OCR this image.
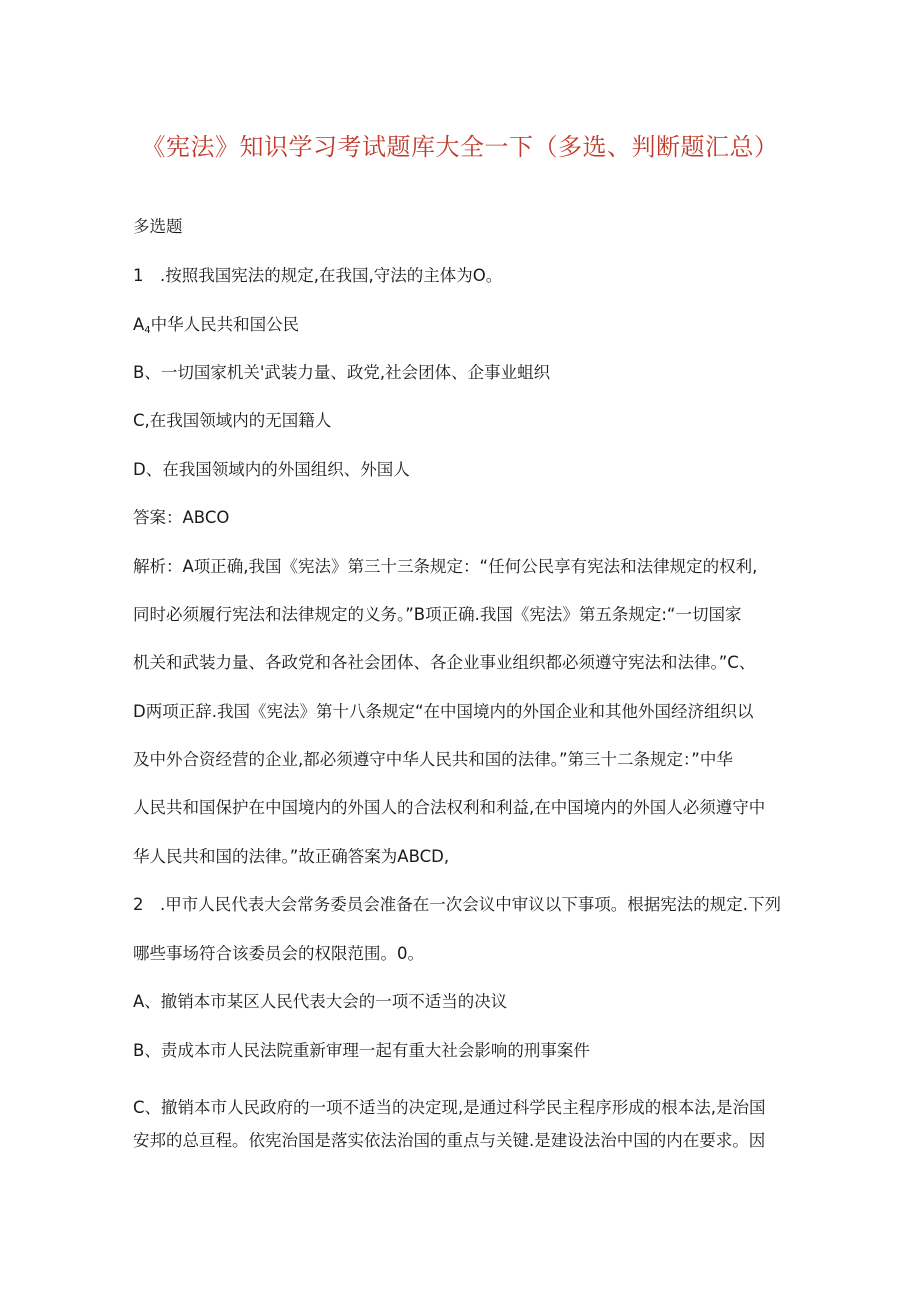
《宪法》知识学习考试题库大全一下（多选、判断题汇总）
多选题
1　.按照我国宪法的规定,在我国,守法的主体为O。
$A_4$中华人民共和国公民
B、一切国家机关'武装力量、政党,社会团体、企事业蛆织
C,在我国领域内的无国籍人
D、在我国领域内的外国组织、外国人
答案：ABCO
解析：A项正确,我国《宪法》第三十三条规定：“任何公民享有宪法和法律规定的权利,
同时必须履行宪法和法律规定的义务。”B项正确.我国《宪法》第五条规定:“一切国家
机关和武装力量、各政党和各社会团体、各企业事业组织都必须遵守宪法和法律。”C、
D两项正辞.我国《宪法》第十八条规定“在中国境内的外国企业和其他外国经济组织以
及中外合资经营的企业,都必须遵守中华人民共和国的法律。”第三十二条规定：”中华
人民共和国保护在中国境内的外国人的合法权利和利益,在中国境内的外国人必须遵守中
华人民共和国的法律。”故正确答案为ABCD,
2　.甲市人民代表大会常务委员会准备在一次会议中审议以下事项。根据宪法的规定.下列
哪些事场符合该委员会的权限范围。0。
A、撤销本市某区人民代表大会的一项不适当的决议
B、责成本市人民法院重新审理一起有重大社会影响的刑事案件
C、撤销本市人民政府的一项不适当的决定现,是通过科学民主程序形成的根本法,是治国
安邦的总亘程。依宪治国是落实依法治国的重点与关键.是建设法治中国的内在要求。因
